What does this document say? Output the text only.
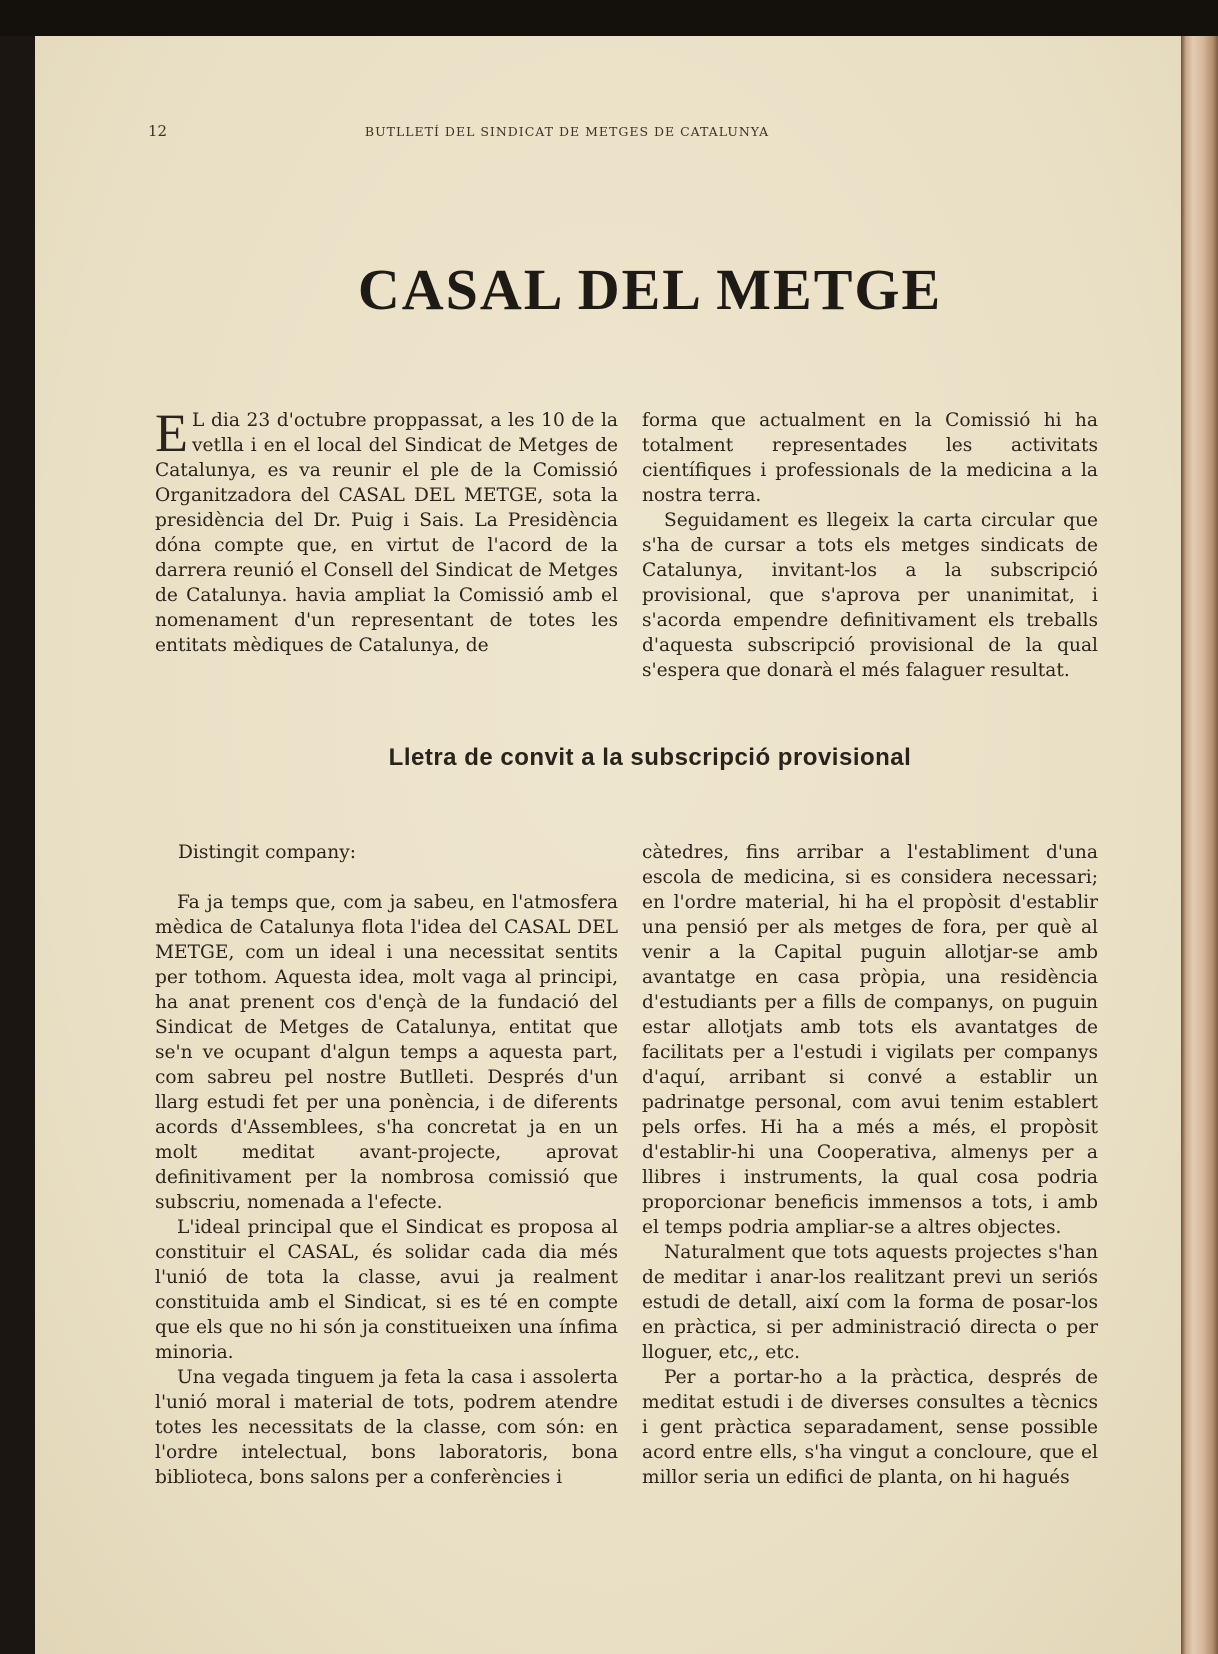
12	BUTLLETÍ DEL SINDICAT DE METGES DE CATALUNYA
CASAL DEL METGE

E L dia 23 d'octubre proppassat, a les 10 de la vetlla i en el local del Sindicat de Metges de Catalunya, es va reunir el ple de la Comissió Organitzadora del CASAL DEL METGE, sota la presidència del Dr. Puig i Sais. La Presidència dóna compte que, en virtut de l'acord de la darrera reunió el Consell del Sindicat de Metges de Catalunya. havia ampliat la Comissió amb el nomenament d'un representant de totes les entitats mèdiques de Catalunya, de

forma que actualment en la Comissió hi ha totalment representades les activitats científiques i professionals de la medicina a la nostra terra.

Seguidament es llegeix la carta circular que s'ha de cursar a tots els metges sindicats de Catalunya, invitant-los a la subscripció provisional, que s'aprova per unanimitat, i s'acorda empendre definitivament els treballs d'aquesta subscripció provisional de la qual s'espera que donarà el més falaguer resultat.

Lletra de convit a la subscripció provisional

Distingit company:

Fa ja temps que, com ja sabeu, en l'atmosfera mèdica de Catalunya flota l'idea del CASAL DEL METGE, com un ideal i una necessitat sentits per tothom. Aquesta idea, molt vaga al principi, ha anat prenent cos d'ençà de la fundació del Sindicat de Metges de Catalunya, entitat que se'n ve ocupant d'algun temps a aquesta part, com sabreu pel nostre Butlleti. Després d'un llarg estudi fet per una ponència, i de diferents acords d'Assemblees, s'ha concretat ja en un molt meditat avant-projecte, aprovat definitivament per la nombrosa comissió que subscriu, nomenada a l'efecte.

L'ideal principal que el Sindicat es proposa al constituir el CASAL, és solidar cada dia més l'unió de tota la classe, avui ja realment constituida amb el Sindicat, si es té en compte que els que no hi són ja constitueixen una ínfima minoria.

Una vegada tinguem ja feta la casa i assolerta l'unió moral i material de tots, podrem atendre totes les necessitats de la classe, com són: en l'ordre intelectual, bons laboratoris, bona biblioteca, bons salons per a conferències i

càtedres, fins arribar a l'establiment d'una escola de medicina, si es considera necessari; en l'ordre material, hi ha el propòsit d'establir una pensió per als metges de fora, per què al venir a la Capital puguin allotjar-se amb avantatge en casa pròpia, una residència d'estudiants per a fills de companys, on puguin estar allotjats amb tots els avantatges de facilitats per a l'estudi i vigilats per companys d'aquí, arribant si convé a establir un padrinatge personal, com avui tenim establert pels orfes. Hi ha a més a més, el propòsit d'establir-hi una Cooperativa, almenys per a llibres i instruments, la qual cosa podria proporcionar beneficis immensos a tots, i amb el temps podria ampliar-se a altres objectes.

Naturalment que tots aquests projectes s'han de meditar i anar-los realitzant previ un seriós estudi de detall, així com la forma de posar-los en pràctica, si per administració directa o per lloguer, etc,, etc.

Per a portar-ho a la pràctica, després de meditat estudi i de diverses consultes a tècnics i gent pràctica separadament, sense possible acord entre ells, s'ha vingut a concloure, que el millor seria un edifici de planta, on hi hagués
